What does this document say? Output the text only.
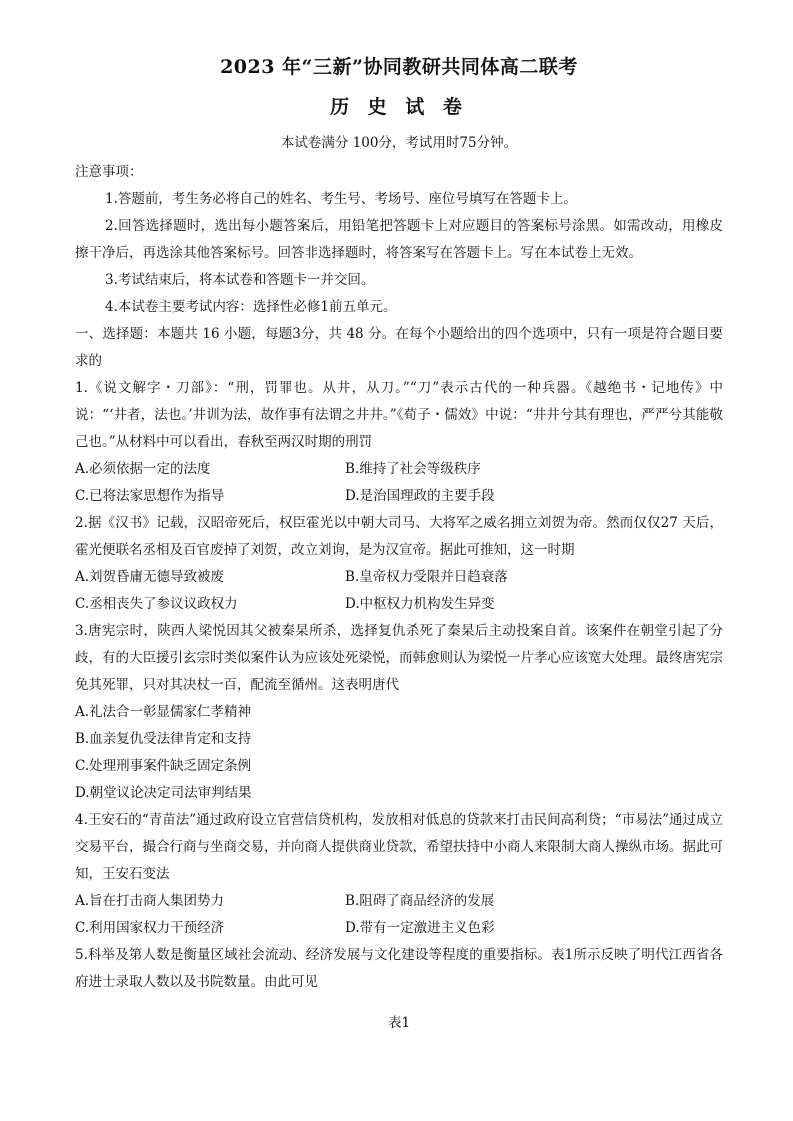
2023 年“三新”协同教研共同体高二联考
历 史 试 卷

本试卷满分 100分，考试用时75分钟。

注意事项：

1.答题前，考生务必将自己的姓名、考生号、考场号、座位号填写在答题卡上。

2.回答选择题时，选出每小题答案后，用铅笔把答题卡上对应题目的答案标号涂黑。如需改动，用橡皮擦干净后，再选涂其他答案标号。回答非选择题时，将答案写在答题卡上。写在本试卷上无效。

3.考试结束后，将本试卷和答题卡一并交回。

4.本试卷主要考试内容：选择性必修1前五单元。

一、选择题：本题共 16 小题，每题3分，共 48 分。在每个小题给出的四个选项中，只有一项是符合题目要求的

1.《说文解字・刀部》：“刑，罚罪也。从井，从刀。”“刀”表示古代的一种兵器。《越绝书・记地传》中说：“‘井者，法也。’井训为法，故作事有法谓之井井。”《荀子・儒效》中说：“井井兮其有理也，严严兮其能敬己也。”从材料中可以看出，春秋至两汉时期的刑罚

A.必须依据一定的法度	B.维持了社会等级秩序
C.已将法家思想作为指导	D.是治国理政的主要手段

2.据《汉书》记载，汉昭帝死后，权臣霍光以中朝大司马、大将军之威名拥立刘贺为帝。然而仅仅27 天后，霍光便联名丞相及百官废掉了刘贺，改立刘询，是为汉宣帝。据此可推知，这一时期

A.刘贺昏庸无德导致被废	B.皇帝权力受限并日趋衰落
C.丞相丧失了参议议政权力	D.中枢权力机构发生异变

3.唐宪宗时，陕西人梁悦因其父被秦杲所杀，选择复仇杀死了秦杲后主动投案自首。该案件在朝堂引起了分歧，有的大臣援引玄宗时类似案件认为应该处死梁悦，而韩愈则认为梁悦一片孝心应该宽大处理。最终唐宪宗免其死罪，只对其决杖一百，配流至循州。这表明唐代

A.礼法合一彰显儒家仁孝精神

B.血亲复仇受法律肯定和支持

C.处理刑事案件缺乏固定条例

D.朝堂议论决定司法审判结果

4.王安石的“青苗法”通过政府设立官营信贷机构，发放相对低息的贷款来打击民间高利贷；“市易法”通过成立交易平台，撮合行商与坐商交易，并向商人提供商业贷款，希望扶持中小商人来限制大商人操纵市场。据此可知，王安石变法

A.旨在打击商人集团势力	B.阻碍了商品经济的发展
C.利用国家权力干预经济	D.带有一定激进主义色彩

5.科举及第人数是衡量区域社会流动、经济发展与文化建设等程度的重要指标。表1所示反映了明代江西省各府进士录取人数以及书院数量。由此可见

表1
